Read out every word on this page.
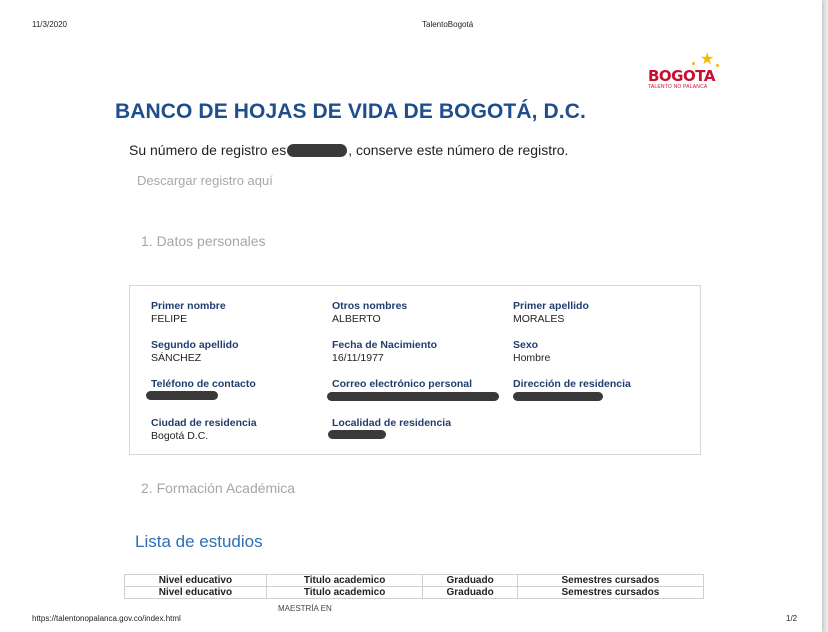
11/3/2020	TalentoBogotá
★
BOGOTA
TALENTO NO PALANCA
BANCO DE HOJAS DE VIDA DE BOGOTÁ, D.C.
Su número de registro es	, conserve este número de registro.
Descargar registro aquí
1. Datos personales
Primer nombre
FELIPE
Otros nombres
ALBERTO
Primer apellido
MORALES
Segundo apellido
SÁNCHEZ
Fecha de Nacimiento
16/11/1977
Sexo
Hombre
Teléfono de contacto	Correo electrónico personal	Dirección de residencia
Ciudad de residencia
Bogotá D.C.
Localidad de residencia
2. Formación Académica
Lista de estudios
Nivel educativo	Titulo academico	Graduado	Semestres cursados
Nivel educativo	Titulo academico	Graduado	Semestres cursados
MAESTRÍA EN
https://talentonopalanca.gov.co/index.html	1/2
